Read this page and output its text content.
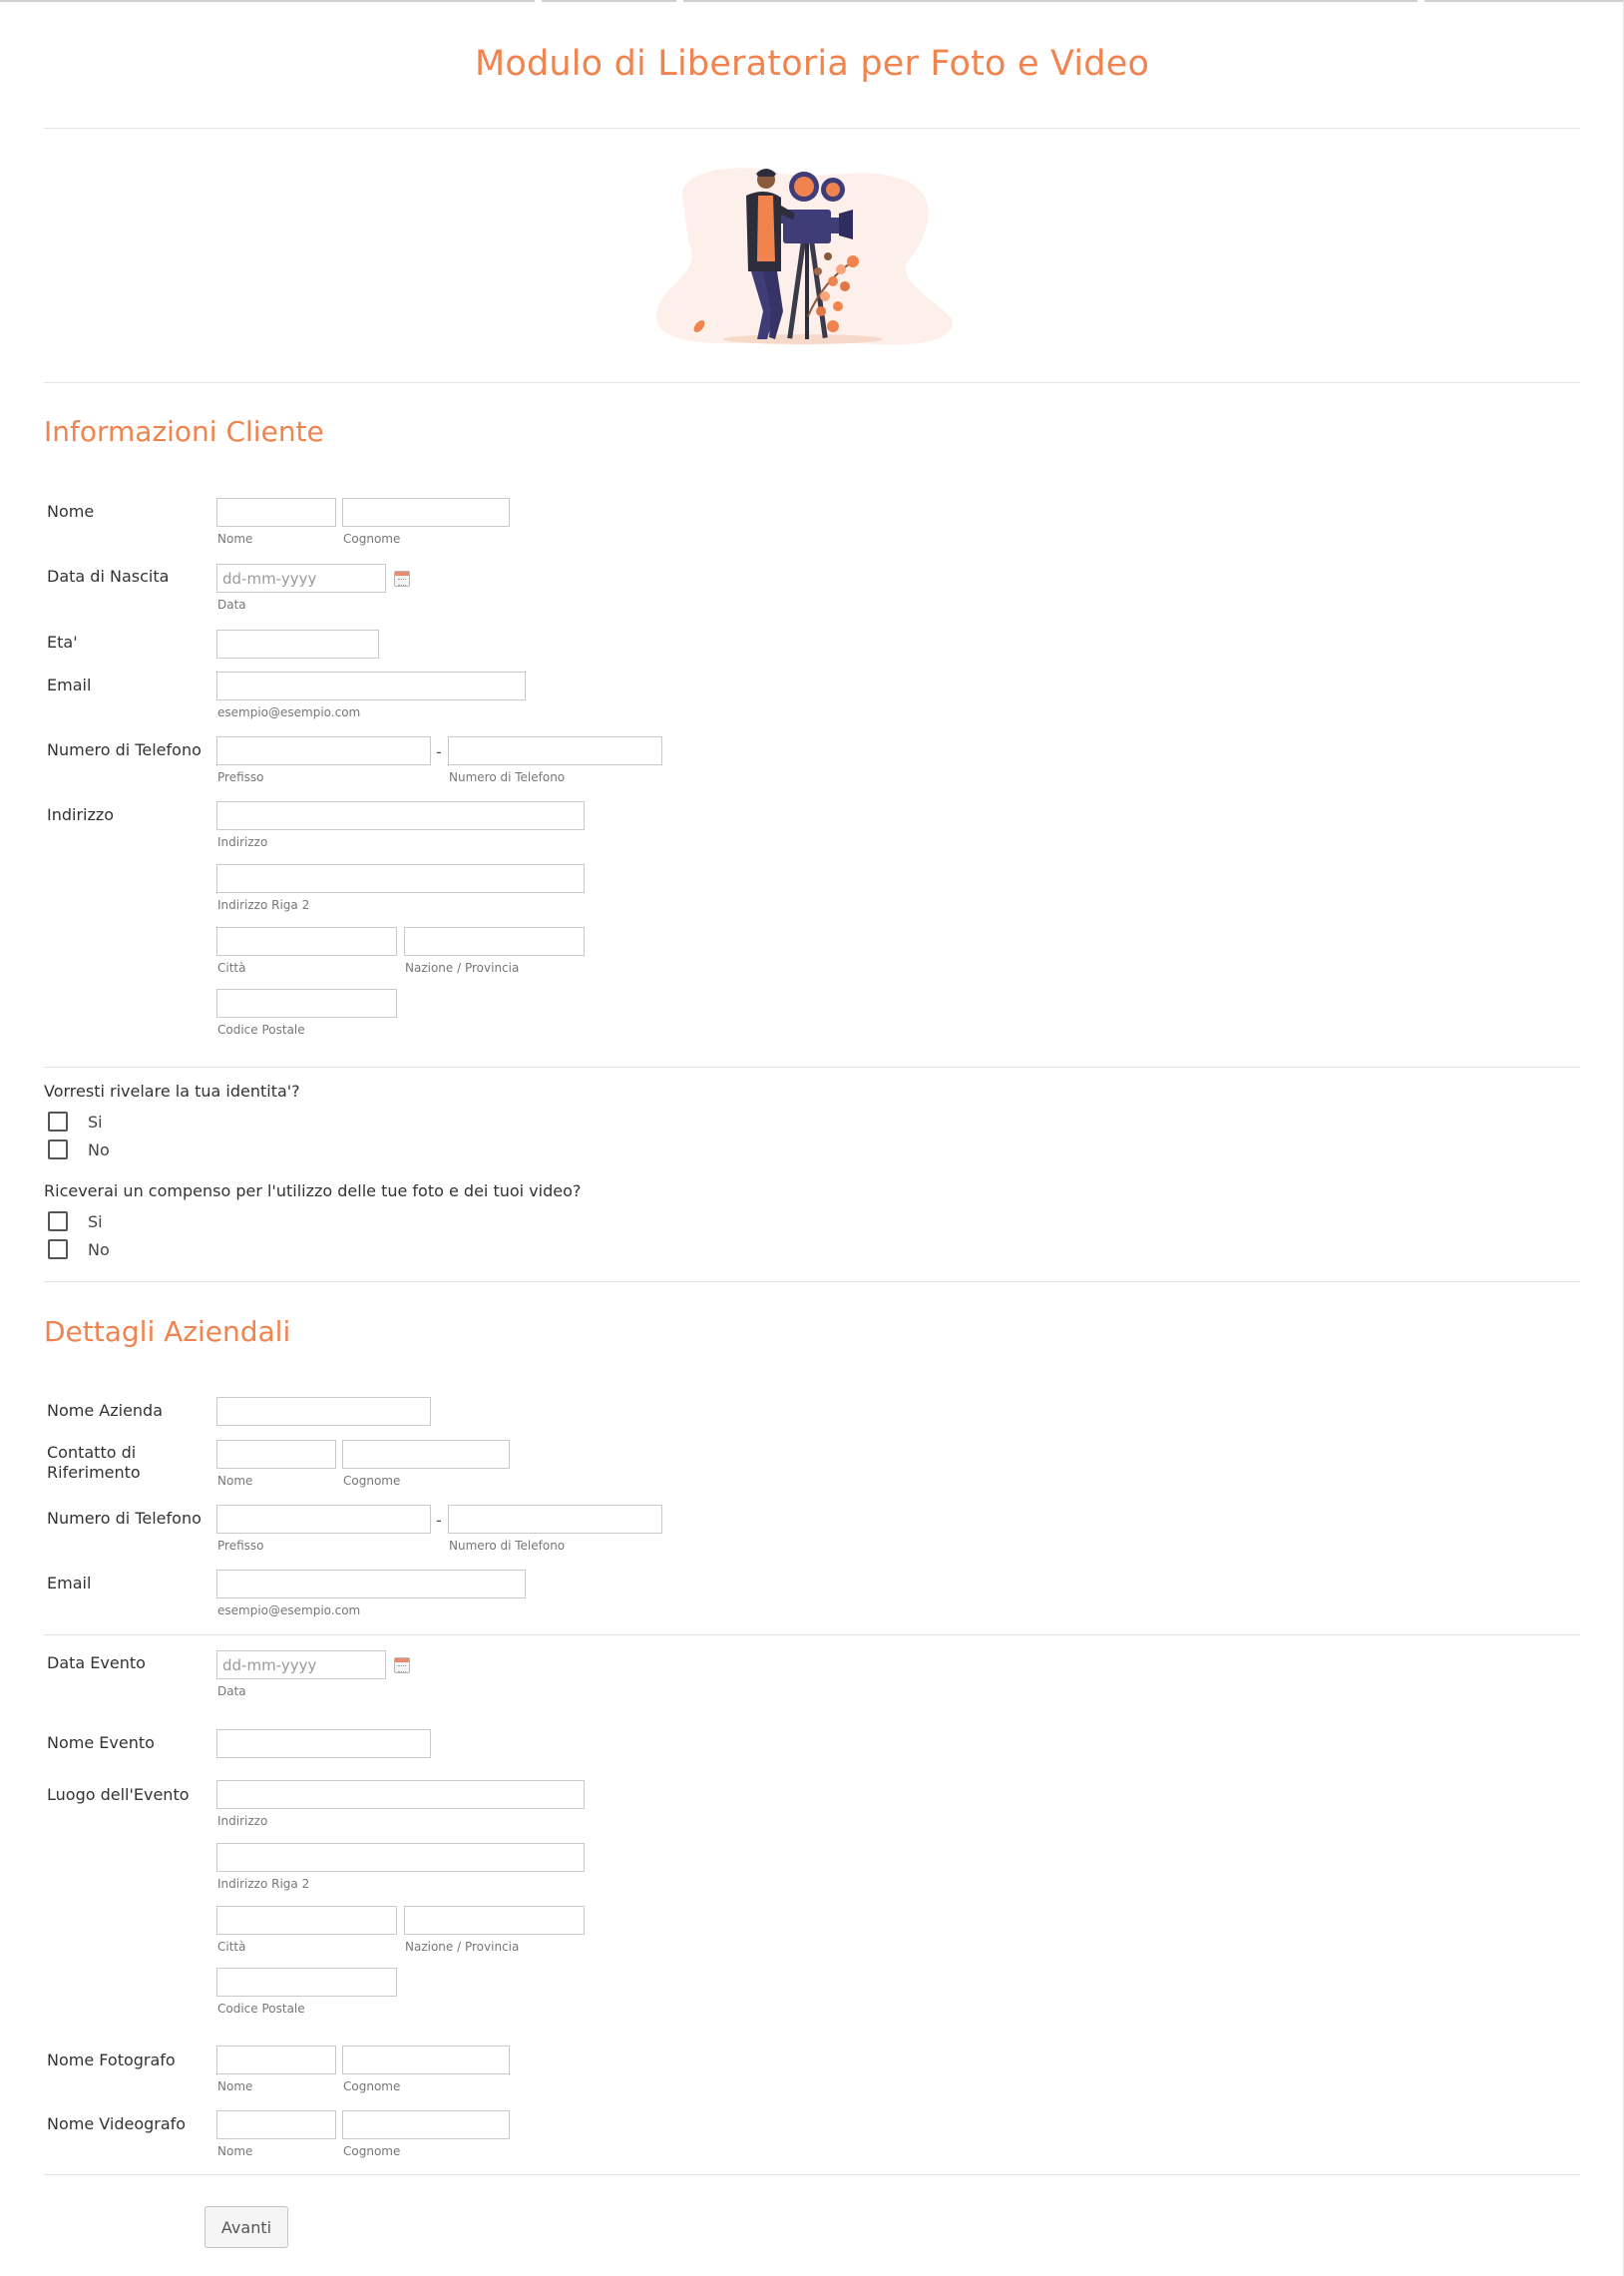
Modulo di Liberatoria per Foto e Video
Informazioni Cliente
Nome
Nome	Cognome
Data di Nascita	dd-mm-yyyy
Data
Eta'
Email
esempio@esempio.com
Numero di Telefono	-
Prefisso	Numero di Telefono
Indirizzo
Indirizzo
Indirizzo Riga 2
Città	Nazione / Provincia
Codice Postale
Vorresti rivelare la tua identita'?
Si
No
Riceverai un compenso per l'utilizzo delle tue foto e dei tuoi video?
Si
No
Dettagli Aziendali
Nome Azienda
Contatto di Riferimento	Nome	Cognome
Numero di Telefono	-
Prefisso	Numero di Telefono
Email
esempio@esempio.com
Data Evento	dd-mm-yyyy
Data
Nome Evento
Luogo dell'Evento
Indirizzo
Indirizzo Riga 2
Città	Nazione / Provincia
Codice Postale
Nome Fotografo
Nome	Cognome
Nome Videografo
Nome	Cognome
Avanti
